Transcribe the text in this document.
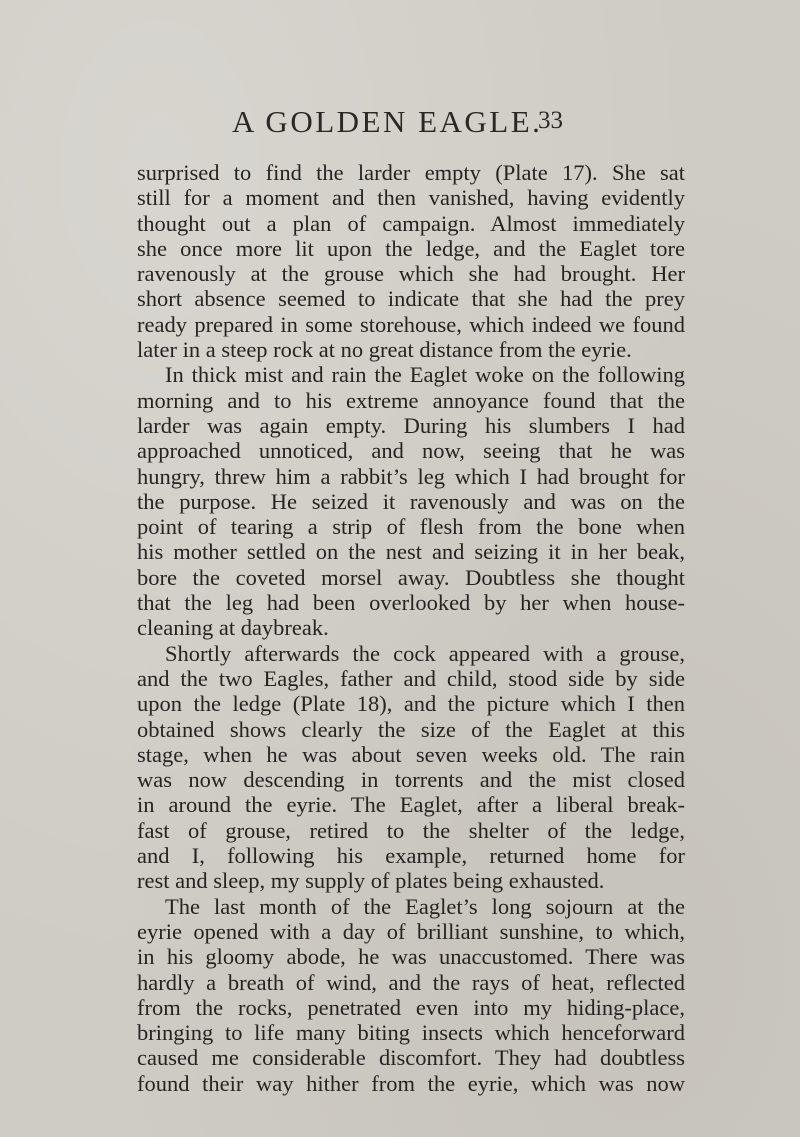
A GOLDEN EAGLE.
33
surprised to find the larder empty (Plate 17). She sat
still for a moment and then vanished, having evidently
thought out a plan of campaign. Almost immediately
she once more lit upon the ledge, and the Eaglet tore
ravenously at the grouse which she had brought. Her
short absence seemed to indicate that she had the prey
ready prepared in some storehouse, which indeed we found
later in a steep rock at no great distance from the eyrie.
In thick mist and rain the Eaglet woke on the following
morning and to his extreme annoyance found that the
larder was again empty. During his slumbers I had
approached unnoticed, and now, seeing that he was
hungry, threw him a rabbit’s leg which I had brought for
the purpose. He seized it ravenously and was on the
point of tearing a strip of flesh from the bone when
his mother settled on the nest and seizing it in her beak,
bore the coveted morsel away. Doubtless she thought
that the leg had been overlooked by her when house-
cleaning at daybreak.
Shortly afterwards the cock appeared with a grouse,
and the two Eagles, father and child, stood side by side
upon the ledge (Plate 18), and the picture which I then
obtained shows clearly the size of the Eaglet at this
stage, when he was about seven weeks old. The rain
was now descending in torrents and the mist closed
in around the eyrie. The Eaglet, after a liberal break-
fast of grouse, retired to the shelter of the ledge,
and I, following his example, returned home for
rest and sleep, my supply of plates being exhausted.
The last month of the Eaglet’s long sojourn at the
eyrie opened with a day of brilliant sunshine, to which,
in his gloomy abode, he was unaccustomed. There was
hardly a breath of wind, and the rays of heat, reflected
from the rocks, penetrated even into my hiding-place,
bringing to life many biting insects which henceforward
caused me considerable discomfort. They had doubtless
found their way hither from the eyrie, which was now
